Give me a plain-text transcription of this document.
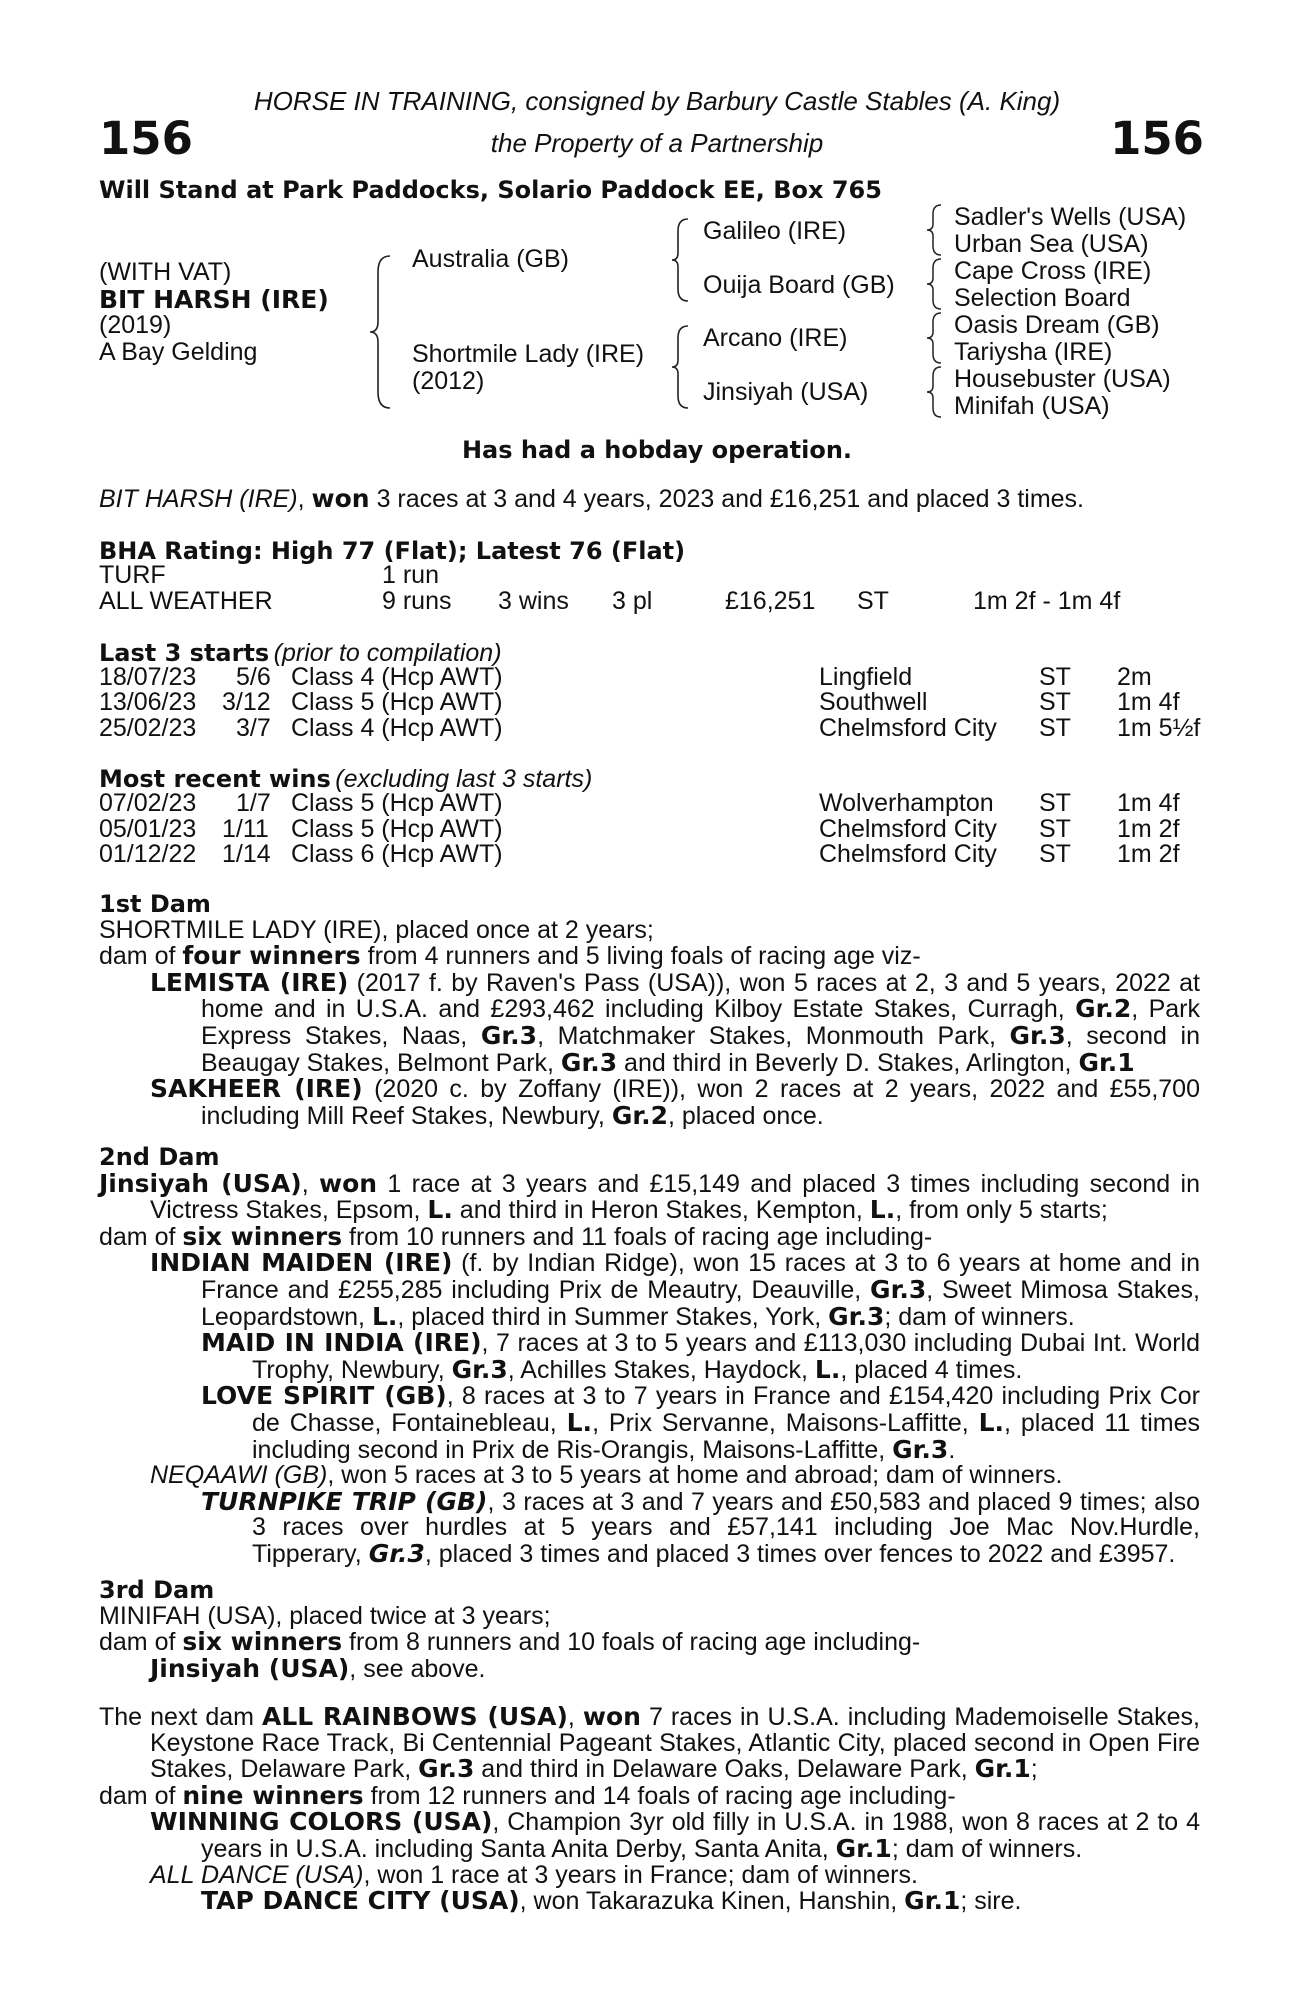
156	156
HORSE IN TRAINING, consigned by Barbury Castle Stables (A. King)
the Property of a Partnership
Will Stand at Park Paddocks, Solario Paddock EE, Box 765
(WITH VAT)
BIT HARSH (IRE)
(2019)
A Bay Gelding
Australia (GB)
Shortmile Lady (IRE)
(2012)
Galileo (IRE)
Ouija Board (GB)
Arcano (IRE)
Jinsiyah (USA)
Sadler's Wells (USA)
Urban Sea (USA)
Cape Cross (IRE)
Selection Board
Oasis Dream (GB)
Tariysha (IRE)
Housebuster (USA)
Minifah (USA)
Has had a hobday operation.
BIT HARSH (IRE), won 3 races at 3 and 4 years, 2023 and £16,251 and placed 3 times.
BHA Rating: High 77 (Flat); Latest 76 (Flat)
TURF	1 run
ALL WEATHER	9 runs 3 wins 3 pl	£16,251 ST	1m 2f - 1m 4f
Last 3 starts (prior to compilation)
18/07/23 5/6 Class 4 (Hcp AWT)	Lingfield	ST 2m
13/06/23 3/12 Class 5 (Hcp AWT)	Southwell	ST 1m 4f
25/02/23 3/7 Class 4 (Hcp AWT)	Chelmsford City ST 1m 5½f
Most recent wins (excluding last 3 starts)
07/02/23 1/7 Class 5 (Hcp AWT)	Wolverhampton ST 1m 4f
05/01/23 1/11 Class 5 (Hcp AWT)	Chelmsford City ST 1m 2f
01/12/22 1/14 Class 6 (Hcp AWT)	Chelmsford City ST 1m 2f

1st Dam

SHORTMILE LADY (IRE), placed once at 2 years;

dam of four winners from 4 runners and 5 living foals of racing age viz-

LEMISTA (IRE) (2017 f. by Raven's Pass (USA)), won 5 races at 2, 3 and 5 years, 2022 at home and in U.S.A. and £293,462 including Kilboy Estate Stakes, Curragh, Gr.2, Park Express Stakes, Naas, Gr.3, Matchmaker Stakes, Monmouth Park, Gr.3, second in Beaugay Stakes, Belmont Park, Gr.3 and third in Beverly D. Stakes, Arlington, Gr.1

SAKHEER (IRE) (2020 c. by Zoffany (IRE)), won 2 races at 2 years, 2022 and £55,700 including Mill Reef Stakes, Newbury, Gr.2, placed once.

2nd Dam

Jinsiyah (USA), won 1 race at 3 years and £15,149 and placed 3 times including second in Victress Stakes, Epsom, L. and third in Heron Stakes, Kempton, L., from only 5 starts;

dam of six winners from 10 runners and 11 foals of racing age including-

INDIAN MAIDEN (IRE) (f. by Indian Ridge), won 15 races at 3 to 6 years at home and in France and £255,285 including Prix de Meautry, Deauville, Gr.3, Sweet Mimosa Stakes, Leopardstown, L., placed third in Summer Stakes, York, Gr.3; dam of winners.

MAID IN INDIA (IRE), 7 races at 3 to 5 years and £113,030 including Dubai Int. World Trophy, Newbury, Gr.3, Achilles Stakes, Haydock, L., placed 4 times.

LOVE SPIRIT (GB), 8 races at 3 to 7 years in France and £154,420 including Prix Cor de Chasse, Fontainebleau, L., Prix Servanne, Maisons-Laffitte, L., placed 11 times including second in Prix de Ris-Orangis, Maisons-Laffitte, Gr.3.

NEQAAWI (GB), won 5 races at 3 to 5 years at home and abroad; dam of winners.

TURNPIKE TRIP (GB), 3 races at 3 and 7 years and £50,583 and placed 9 times; also 3 races over hurdles at 5 years and £57,141 including Joe Mac Nov.Hurdle, Tipperary, Gr.3, placed 3 times and placed 3 times over fences to 2022 and £3957.

3rd Dam

MINIFAH (USA), placed twice at 3 years;

dam of six winners from 8 runners and 10 foals of racing age including-

Jinsiyah (USA), see above.

The next dam ALL RAINBOWS (USA), won 7 races in U.S.A. including Mademoiselle Stakes, Keystone Race Track, Bi Centennial Pageant Stakes, Atlantic City, placed second in Open Fire Stakes, Delaware Park, Gr.3 and third in Delaware Oaks, Delaware Park, Gr.1;

dam of nine winners from 12 runners and 14 foals of racing age including-

WINNING COLORS (USA), Champion 3yr old filly in U.S.A. in 1988, won 8 races at 2 to 4 years in U.S.A. including Santa Anita Derby, Santa Anita, Gr.1; dam of winners.

ALL DANCE (USA), won 1 race at 3 years in France; dam of winners.

TAP DANCE CITY (USA), won Takarazuka Kinen, Hanshin, Gr.1; sire.
